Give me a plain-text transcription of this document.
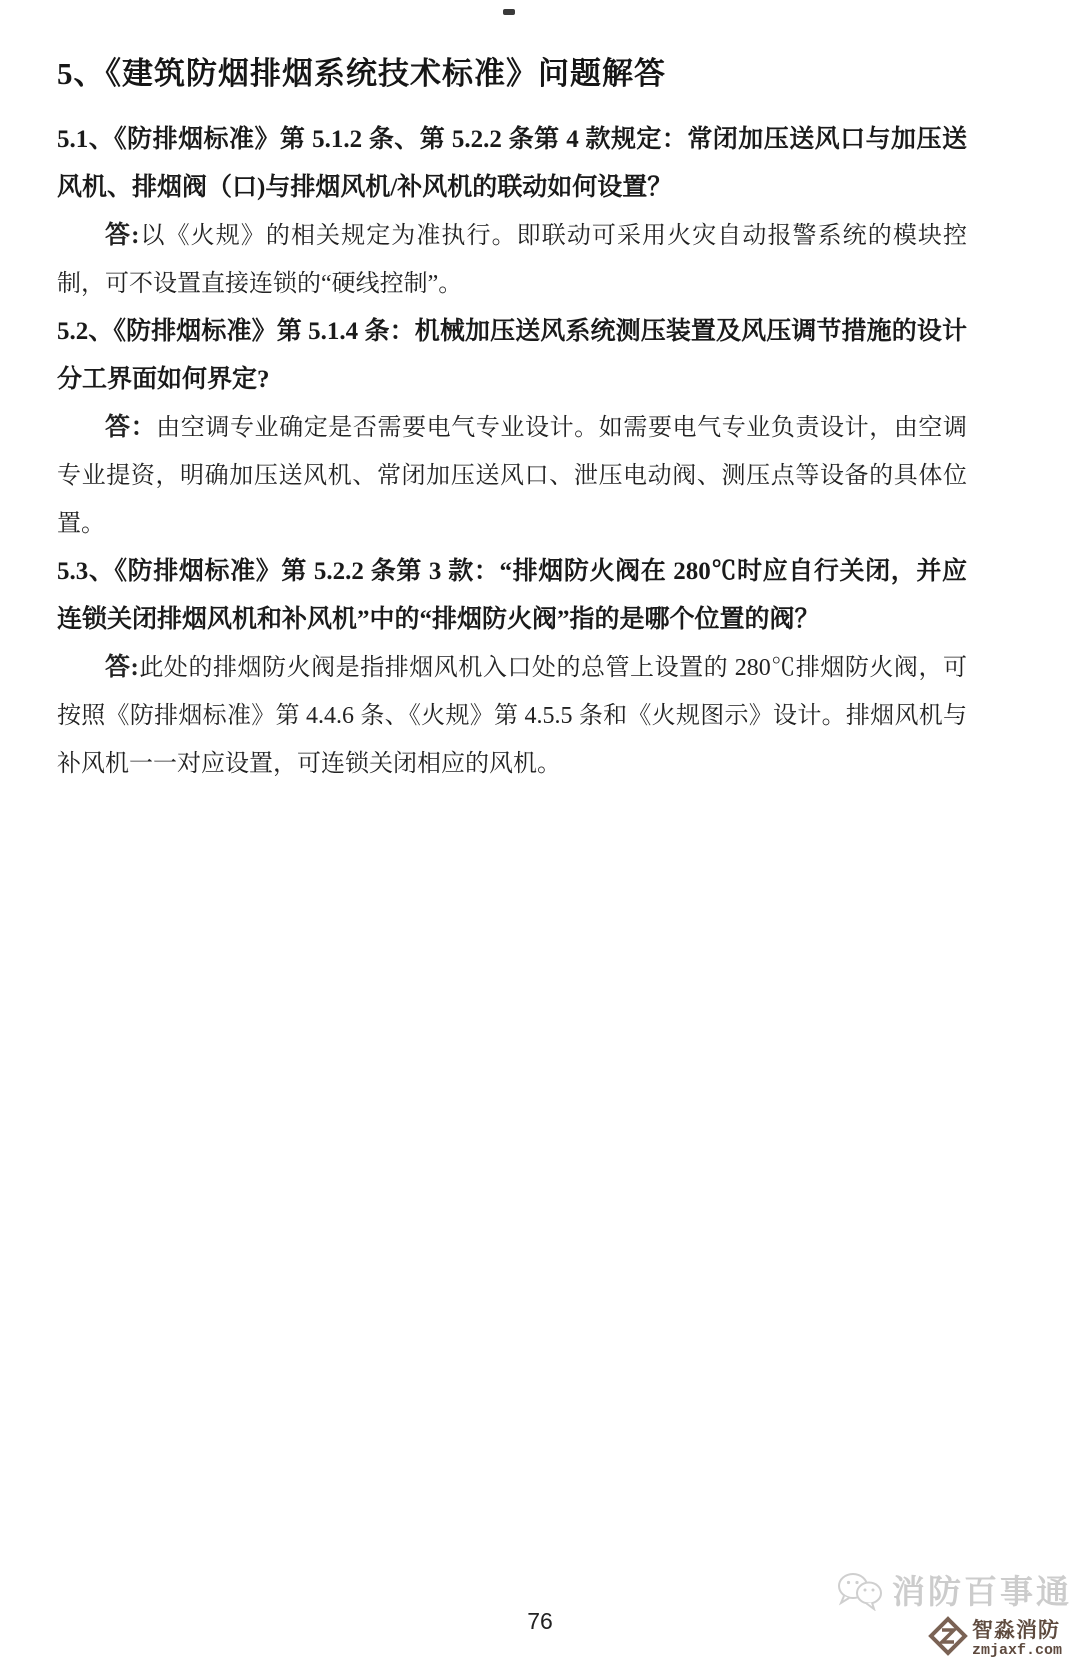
5、《建筑防烟排烟系统技术标准》问题解答

5.1、《防排烟标准》第 5.1.2 条、第 5.2.2 条第 4 款规定：常闭加压送风口与加压送风机、排烟阀（口)与排烟风机/补风机的联动如何设置？

答:以《火规》的相关规定为准执行。即联动可采用火灾自动报警系统的模块控制，可不设置直接连锁的“硬线控制”。

5.2、《防排烟标准》第 5.1.4 条：机械加压送风系统测压装置及风压调节措施的设计分工界面如何界定?

答：由空调专业确定是否需要电气专业设计。如需要电气专业负责设计，由空调专业提资，明确加压送风机、常闭加压送风口、泄压电动阀、测压点等设备的具体位置。

5.3、《防排烟标准》第 5.2.2 条第 3 款：“排烟防火阀在 280℃时应自行关闭，并应连锁关闭排烟风机和补风机”中的“排烟防火阀”指的是哪个位置的阀？

答:此处的排烟防火阀是指排烟风机入口处的总管上设置的 280℃排烟防火阀，可按照《防排烟标准》第 4.4.6 条、《火规》第 4.5.5 条和《火规图示》设计。排烟风机与补风机一一对应设置，可连锁关闭相应的风机。

76
消防百事通
智淼消防
zmjaxf.com
